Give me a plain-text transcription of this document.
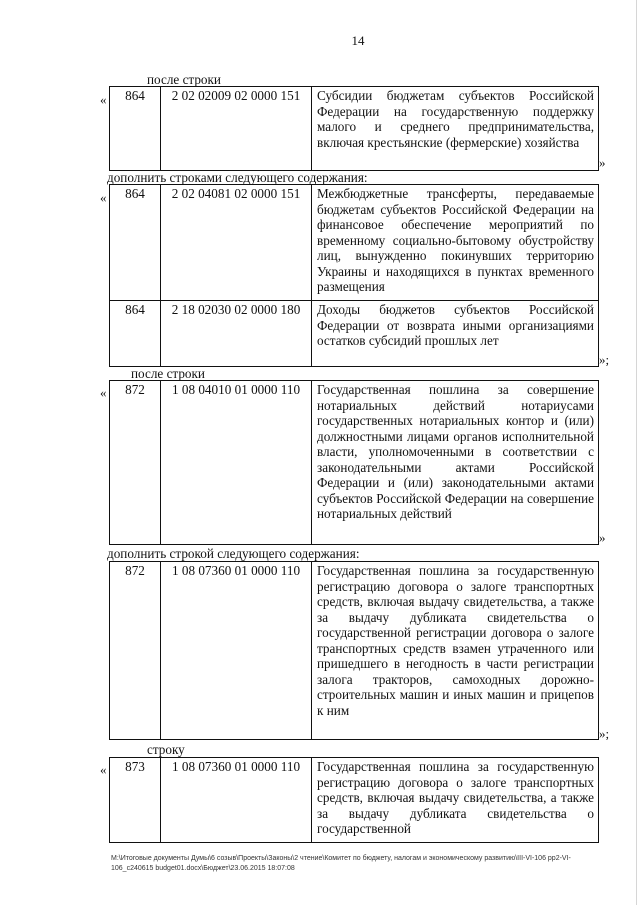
14
после строки
« 864	2 02 02009 02 0000 151	Субсидии бюджетам субъектов Российской Федерации на государственную поддержку малого и среднего предпринимательства, включая крестьянские (фермерские) хозяйства
»
дополнить строками следующего содержания:
« 864	2 02 04081 02 0000 151	Межбюджетные трансферты, передаваемые бюджетам субъектов Российской Федерации на финансовое обеспечение мероприятий по временному социально-бытовому обустройству лиц, вынужденно покинувших территорию Украины и находящихся в пунктах временного размещения

864	2 18 02030 02 0000 180	Доходы бюджетов субъектов Российской Федерации от возврата иными организациями остатков субсидий прошлых лет
»;
после строки
« 872	1 08 04010 01 0000 110	Государственная пошлина за совершение нотариальных действий нотариусами государственных нотариальных контор и (или) должностными лицами органов исполнительной власти, уполномоченными в соответствии с законодательными актами Российской Федерации и (или) законодательными актами субъектов Российской Федерации на совершение нотариальных действий
»
дополнить строкой следующего содержания:
872	1 08 07360 01 0000 110	Государственная пошлина за государственную регистрацию договора о залоге транспортных средств, включая выдачу свидетельства, а также за выдачу дубликата свидетельства о государственной регистрации договора о залоге транспортных средств взамен утраченного или пришедшего в негодность в части регистрации залога тракторов, самоходных дорожно-строительных машин и иных машин и прицепов к ним
»;
строку
« 873	1 08 07360 01 0000 110	Государственная пошлина за государственную регистрацию договора о залоге транспортных средств, включая выдачу свидетельства, а также за выдачу дубликата свидетельства о государственной
М:\Итоговые документы Думы\6 созыв\Проекты\Законы\2 чтение\Комитет по бюджету, налогам и экономическому развитию\III-VI-106 рр2-VI-106_с240615 budget01.docx\Бюджет\23.06.2015 18:07:08
